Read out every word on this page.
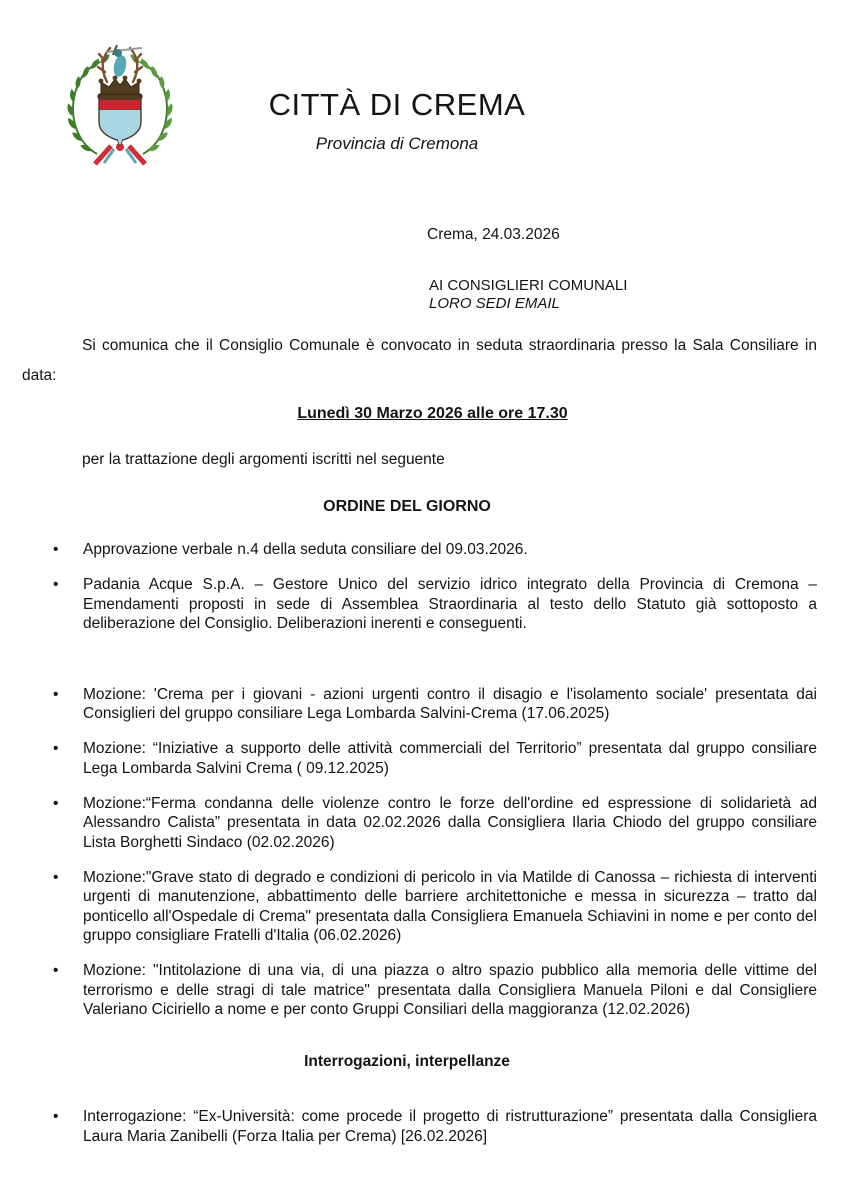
CITTÀ DI CREMA
Provincia di Cremona
Crema, 24.03.2026
AI CONSIGLIERI COMUNALI
LORO SEDI EMAIL

Si comunica che il Consiglio Comunale è convocato in seduta straordinaria presso la Sala Consiliare in data:

Lunedì 30 Marzo 2026 alle ore 17.30

per la trattazione degli argomenti iscritti nel seguente

ORDINE DEL GIORNO

• Approvazione verbale n.4 della seduta consiliare del 09.03.2026.
• Padania Acque S.p.A. – Gestore Unico del servizio idrico integrato della Provincia di Cremona – Emendamenti proposti in sede di Assemblea Straordinaria al testo dello Statuto già sottoposto a deliberazione del Consiglio. Deliberazioni inerenti e conseguenti.
• Mozione: 'Crema per i giovani - azioni urgenti contro il disagio e l'isolamento sociale' presentata dai Consiglieri del gruppo consiliare Lega Lombarda Salvini-Crema (17.06.2025)
• Mozione: “Iniziative a supporto delle attività commerciali del Territorio” presentata dal gruppo consiliare Lega Lombarda Salvini Crema ( 09.12.2025)
• Mozione:“Ferma condanna delle violenze contro le forze dell'ordine ed espressione di solidarietà ad Alessandro Calista” presentata in data 02.02.2026 dalla Consigliera Ilaria Chiodo del gruppo consiliare Lista Borghetti Sindaco (02.02.2026)
• Mozione:"Grave stato di degrado e condizioni di pericolo in via Matilde di Canossa – richiesta di interventi urgenti di manutenzione, abbattimento delle barriere architettoniche e messa in sicurezza – tratto dal ponticello all'Ospedale di Crema" presentata dalla Consigliera Emanuela Schiavini in nome e per conto del gruppo consigliare Fratelli d'Italia (06.02.2026)
• Mozione: "Intitolazione di una via, di una piazza o altro spazio pubblico alla memoria delle vittime del terrorismo e delle stragi di tale matrice" presentata dalla Consigliera Manuela Piloni e dal Consigliere Valeriano Ciciriello a nome e per conto Gruppi Consiliari della maggioranza (12.02.2026)

Interrogazioni, interpellanze

• Interrogazione: “Ex-Università: come procede il progetto di ristrutturazione” presentata dalla Consigliera Laura Maria Zanibelli (Forza Italia per Crema) [26.02.2026]
